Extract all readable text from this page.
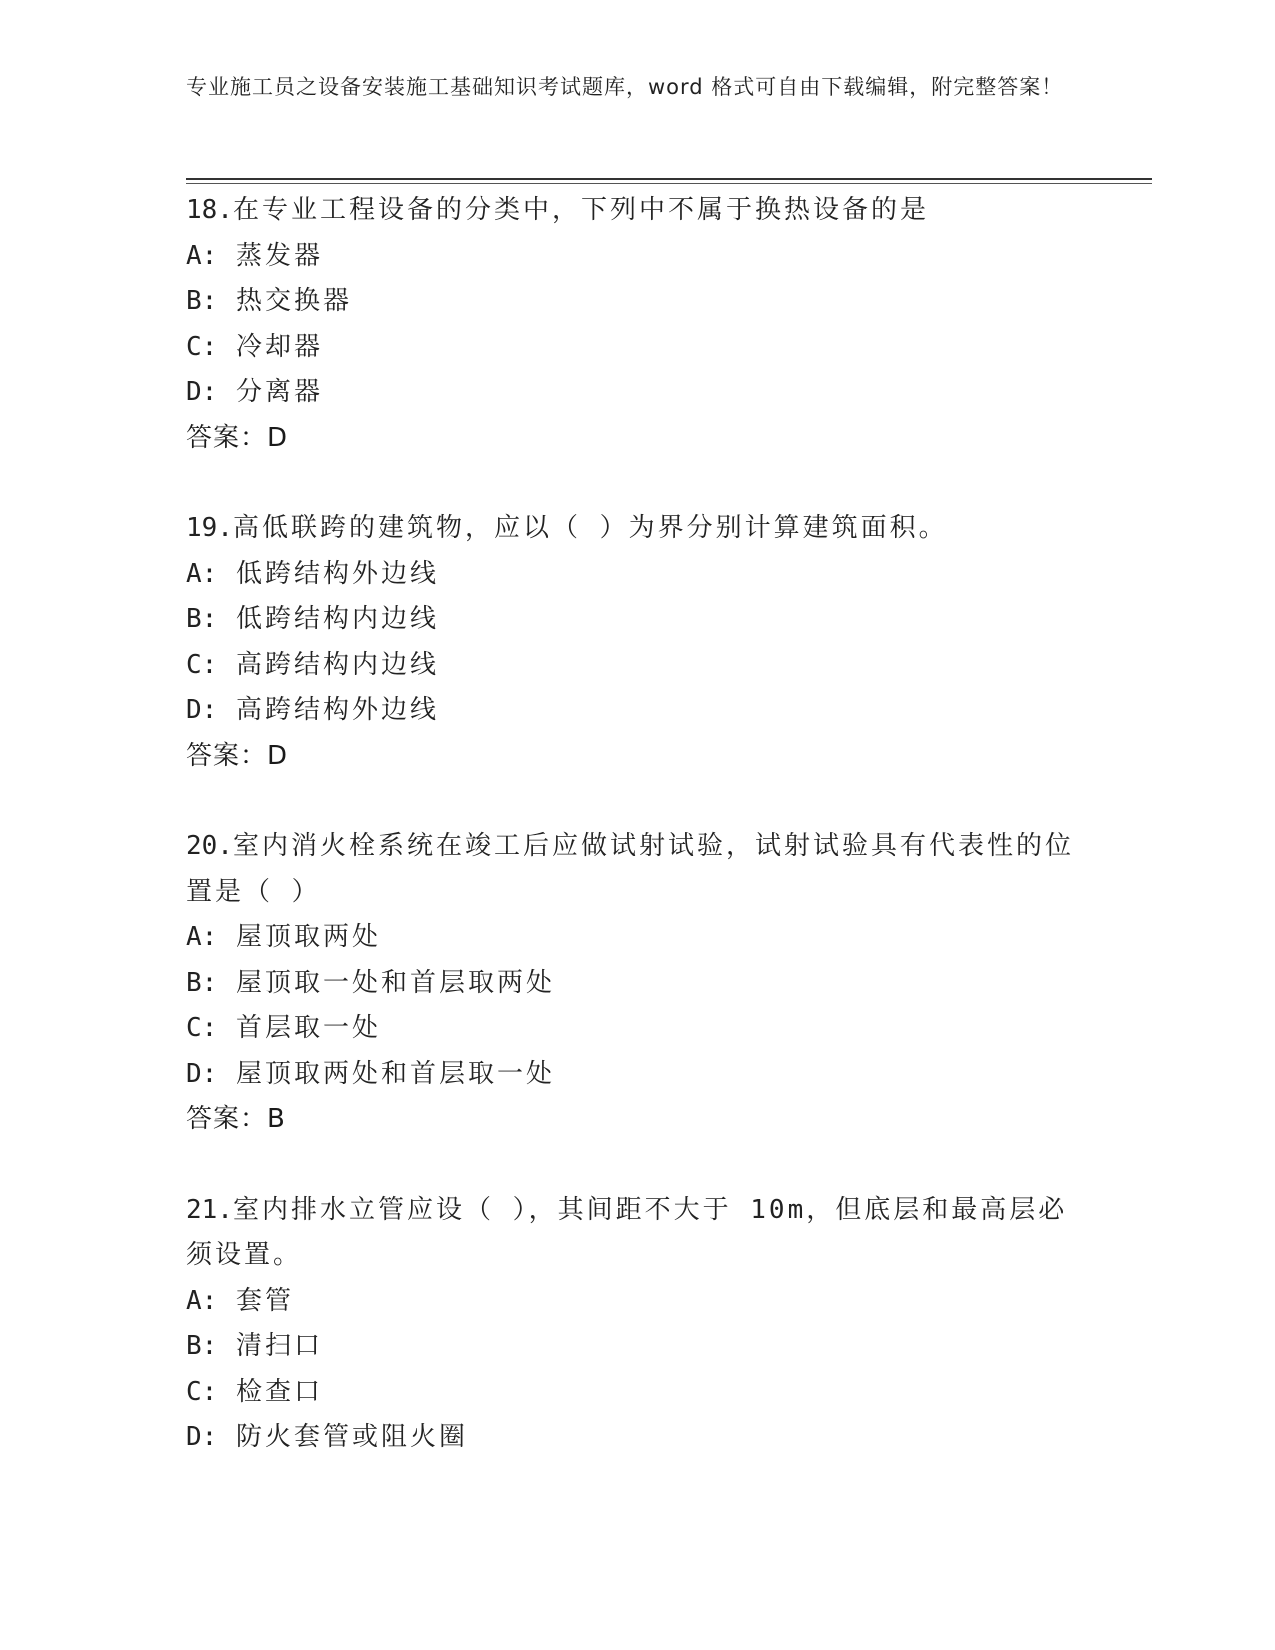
专业施工员之设备安装施工基础知识考试题库，word 格式可自由下载编辑，附完整答案！

18.在专业工程设备的分类中，下列中不属于换热设备的是

A: 蒸发器
B: 热交换器
C: 冷却器
D: 分离器
答案：D

19.高低联跨的建筑物，应以（ ）为界分别计算建筑面积。

A: 低跨结构外边线
B: 低跨结构内边线
C: 高跨结构内边线
D: 高跨结构外边线
答案：D

20.室内消火栓系统在竣工后应做试射试验，试射试验具有代表性的位置是（ ）

A: 屋顶取两处
B: 屋顶取一处和首层取两处
C: 首层取一处
D: 屋顶取两处和首层取一处
答案：B

21.室内排水立管应设（ ），其间距不大于 10m，但底层和最高层必须设置。

A: 套管
B: 清扫口
C: 检查口
D: 防火套管或阻火圈
